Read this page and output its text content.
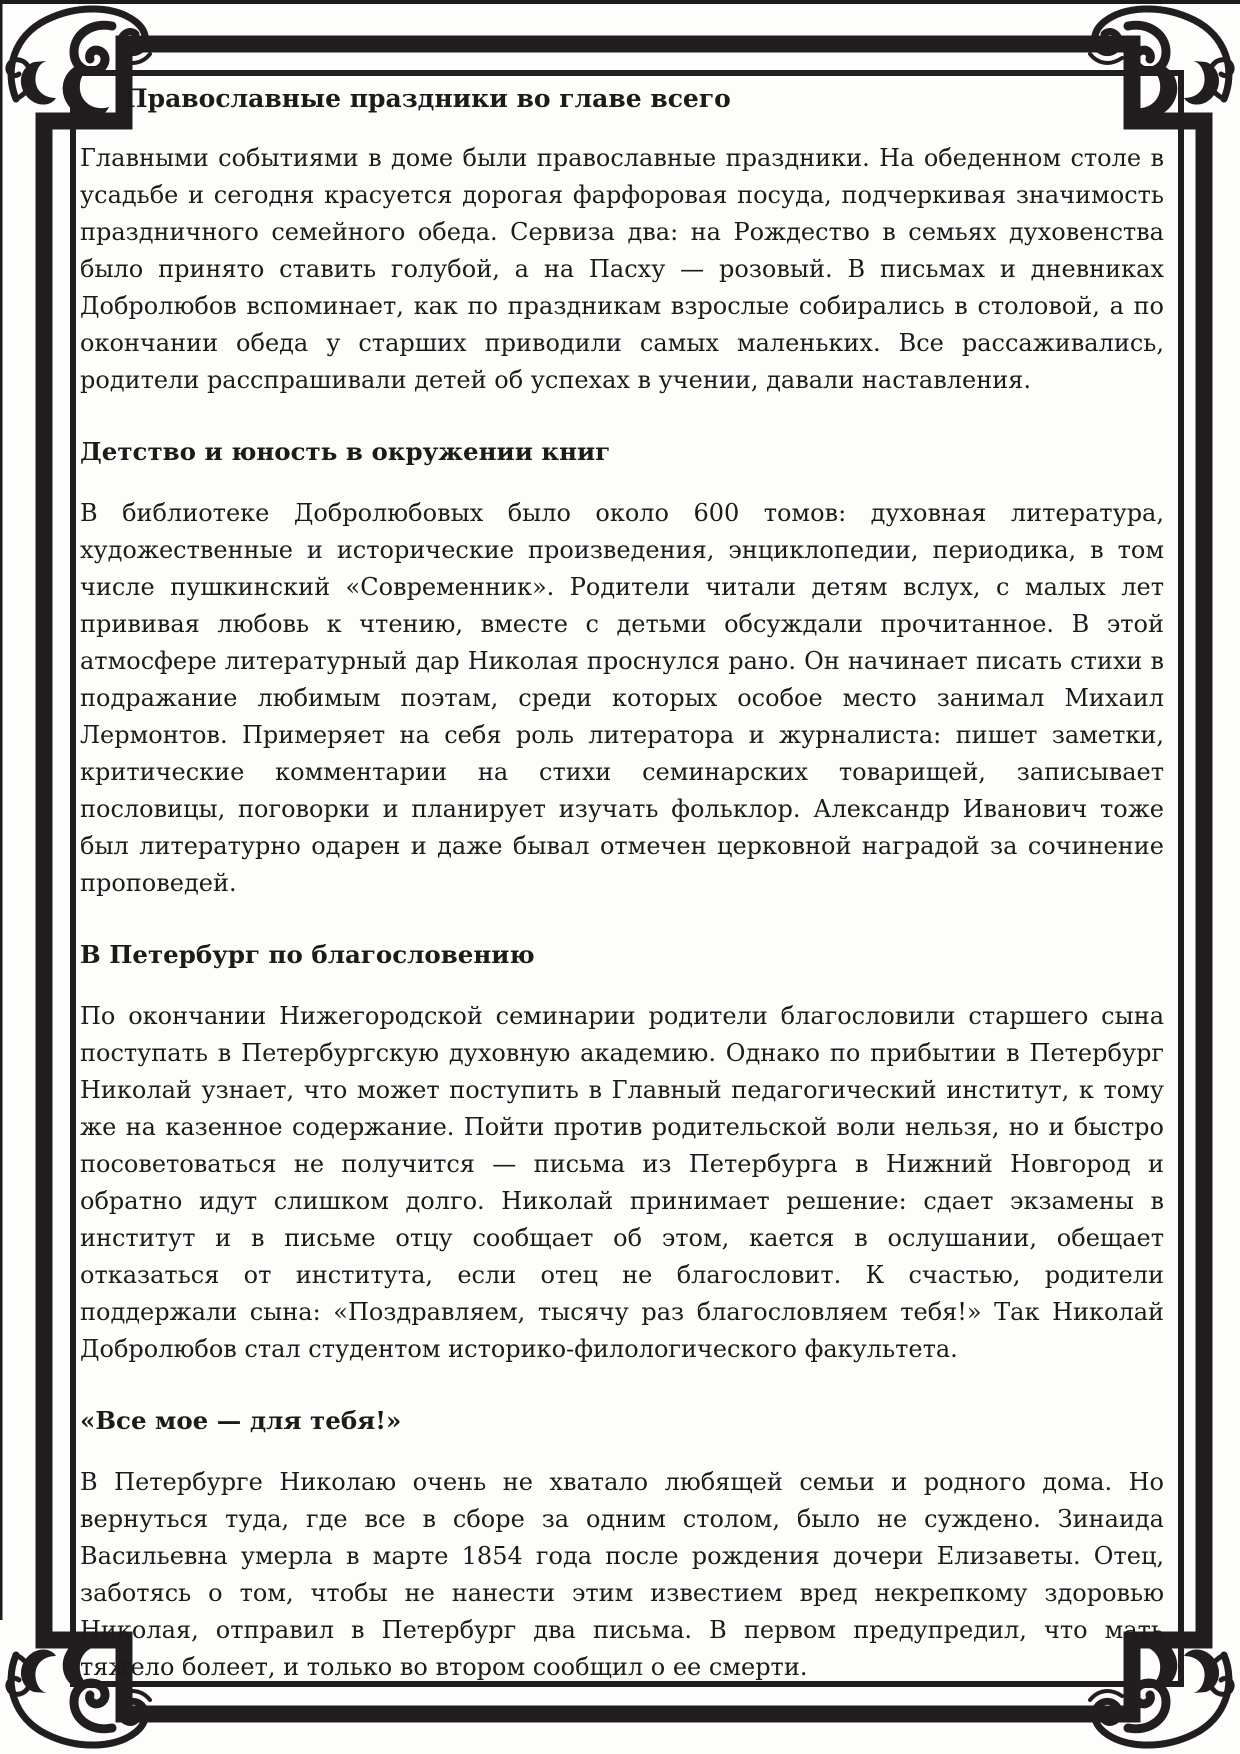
Православные праздники во главе всего

Главными событиями в доме были православные праздники. На обеденном столе в усадьбе и сегодня красуется дорогая фарфоровая посуда, подчеркивая значимость праздничного семейного обеда. Сервиза два: на Рождество в семьях духовенства было принято ставить голубой, а на Пасху — розовый. В письмах и дневниках Добролюбов вспоминает, как по праздникам взрослые собирались в столовой, а по окончании обеда у старших приводили самых маленьких. Все рассаживались, родители расспрашивали детей об успехах в учении, давали наставления.

Детство и юность в окружении книг

В библиотеке Добролюбовых было около 600 томов: духовная литература, художественные и исторические произведения, энциклопедии, периодика, в том числе пушкинский «Современник». Родители читали детям вслух, с малых лет прививая любовь к чтению, вместе с детьми обсуждали прочитанное. В этой атмосфере литературный дар Николая проснулся рано. Он начинает писать стихи в подражание любимым поэтам, среди которых особое место занимал Михаил Лермонтов. Примеряет на себя роль литератора и журналиста: пишет заметки, критические комментарии на стихи семинарских товарищей, записывает пословицы, поговорки и планирует изучать фольклор. Александр Иванович тоже был литературно одарен и даже бывал отмечен церковной наградой за сочинение проповедей.

В Петербург по благословению

По окончании Нижегородской семинарии родители благословили старшего сына поступать в Петербургскую духовную академию. Однако по прибытии в Петербург Николай узнает, что может поступить в Главный педагогический институт, к тому же на казенное содержание. Пойти против родительской воли нельзя, но и быстро посоветоваться не получится — письма из Петербурга в Нижний Новгород и обратно идут слишком долго. Николай принимает решение: сдает экзамены в институт и в письме отцу сообщает об этом, кается в ослушании, обещает отказаться от института, если отец не благословит. К счастью, родители поддержали сына: «Поздравляем, тысячу раз благословляем тебя!» Так Николай Добролюбов стал студентом историко-филологического факультета.

«Все мое — для тебя!»

В Петербурге Николаю очень не хватало любящей семьи и родного дома. Но вернуться туда, где все в сборе за одним столом, было не суждено. Зинаида Васильевна умерла в марте 1854 года после рождения дочери Елизаветы. Отец, заботясь о том, чтобы не нанести этим известием вред некрепкому здоровью Николая, отправил в Петербург два письма. В первом предупредил, что мать тяжело болеет, и только во втором сообщил о ее смерти.
